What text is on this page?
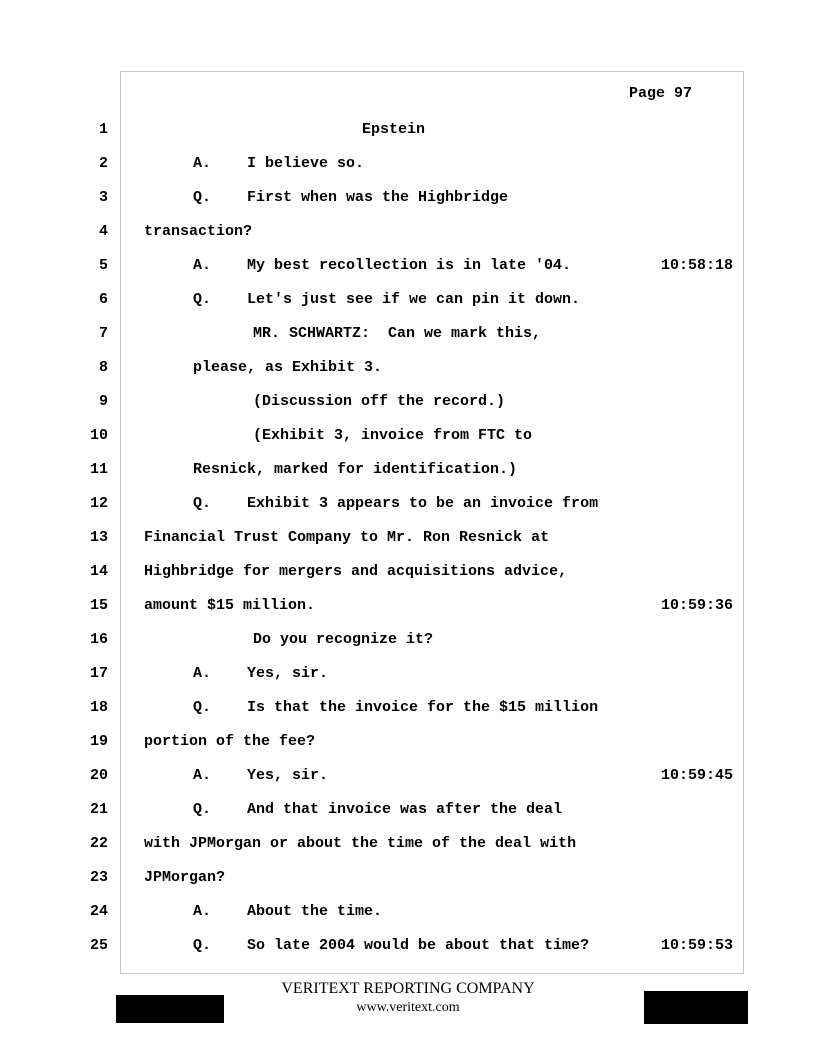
Page 97
1	Epstein
2	A.    I believe so.
3	Q.    First when was the Highbridge
4 transaction?
5	A.    My best recollection is in late '04.	10:58:18
6	Q.    Let's just see if we can pin it down.
7	MR. SCHWARTZ:  Can we mark this,
8	please, as Exhibit 3.
9	(Discussion off the record.)
10	(Exhibit 3, invoice from FTC to
11	Resnick, marked for identification.)
12	Q.    Exhibit 3 appears to be an invoice from
13 Financial Trust Company to Mr. Ron Resnick at
14 Highbridge for mergers and acquisitions advice,
15 amount $15 million.	10:59:36
16	Do you recognize it?
17	A.    Yes, sir.
18	Q.    Is that the invoice for the $15 million
19 portion of the fee?
20	A.    Yes, sir.	10:59:45
21	Q.    And that invoice was after the deal
22 with JPMorgan or about the time of the deal with
23 JPMorgan?
24	A.    About the time.
25	Q.    So late 2004 would be about that time?	10:59:53
VERITEXT REPORTING COMPANY
www.veritext.com
